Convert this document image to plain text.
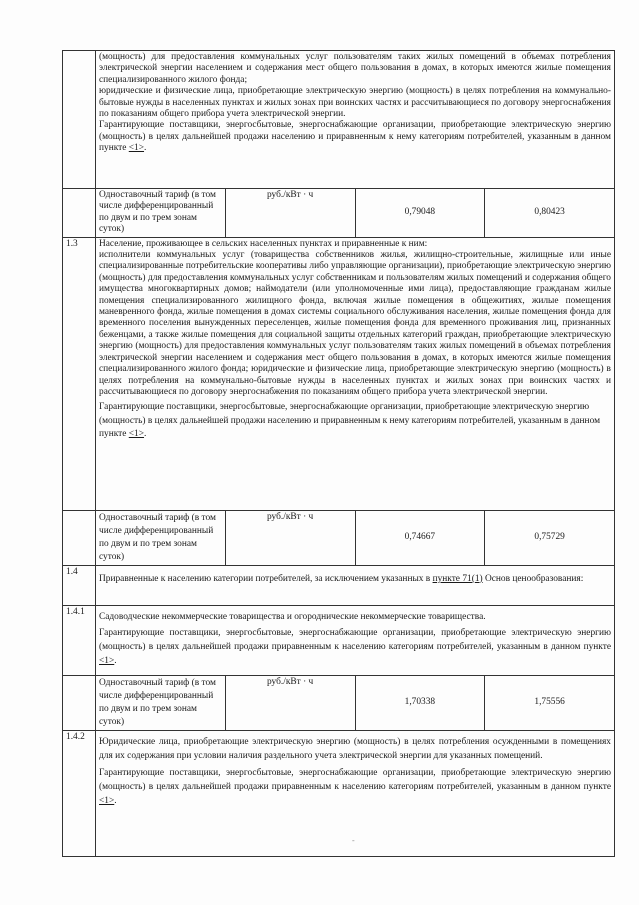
	(мощность) для предоставления коммунальных услуг пользователям таких жилых помещений в объемах потребления электрической энергии населением и содержания мест общего пользования в домах, в которых имеются жилые помещения специализированного жилого фонда;

юридические и физические лица, приобретающие электрическую энергию (мощность) в целях потребления на коммунально-бытовые нужды в населенных пунктах и жилых зонах при воинских частях и рассчитывающиеся по договору энергоснабжения по показаниям общего прибора учета электрической энергии.

Гарантирующие поставщики, энергосбытовые, энергоснабжающие организации, приобретающие электрическую энергию (мощность) в целях дальнейшей продажи населению и приравненным к нему категориям потребителей, указанным в данном пункте <1>.			

	Одноставочный тариф (в том числе дифференцированный по двум и по трем зонам суток)	руб./кВт · ч	0,79048	0,80423
1.3	Население, проживающее в сельских населенных пунктах и приравненные к ним:

исполнители коммунальных услуг (товарищества собственников жилья, жилищно-строительные, жилищные или иные специализированные потребительские кооперативы либо управляющие организации), приобретающие электрическую энергию (мощность) для предоставления коммунальных услуг собственникам и пользователям жилых помещений и содержания общего имущества многоквартирных домов; наймодатели (или уполномоченные ими лица), предоставляющие гражданам жилые помещения специализированного жилищного фонда, включая жилые помещения в общежитиях, жилые помещения маневренного фонда, жилые помещения в домах системы социального обслуживания населения, жилые помещения фонда для временного поселения вынужденных переселенцев, жилые помещения фонда для временного проживания лиц, признанных беженцами, а также жилые помещения для социальной защиты отдельных категорий граждан, приобретающие электрическую энергию (мощность) для предоставления коммунальных услуг пользователям таких жилых помещений в объемах потребления электрической энергии населением и содержания мест общего пользования в домах, в которых имеются жилые помещения специализированного жилого фонда; юридические и физические лица, приобретающие электрическую энергию (мощность) в целях потребления на коммунально-бытовые нужды в населенных пунктах и жилых зонах при воинских частях и рассчитывающиеся по договору энергоснабжения по показаниям общего прибора учета электрической энергии.

Гарантирующие поставщики, энергосбытовые, энергоснабжающие организации, приобретающие электрическую энергию (мощность) в целях дальнейшей продажи населению и приравненным к нему категориям потребителей, указанным в данном пункте <1>.			

	Одноставочный тариф (в том числе дифференцированный по двум и по трем зонам суток)	руб./кВт · ч	0,74667	0,75729
1.4	Приравненные к населению категории потребителей, за исключением указанных в пункте 71(1) Основ ценообразования:			
1.4.1	Садоводческие некоммерческие товарищества и огороднические некоммерческие товарищества.

Гарантирующие поставщики, энергосбытовые, энергоснабжающие организации, приобретающие электрическую энергию (мощность) в целях дальнейшей продажи приравненным к населению категориям потребителей, указанным в данном пункте <1>.			

	Одноставочный тариф (в том числе дифференцированный по двум и по трем зонам суток)	руб./кВт · ч	1,70338	1,75556
1.4.2	Юридические лица, приобретающие электрическую энергию (мощность) в целях потребления осужденными в помещениях для их содержания при условии наличия раздельного учета электрической энергии для указанных помещений.

Гарантирующие поставщики, энергосбытовые, энергоснабжающие организации, приобретающие электрическую энергию (мощность) в целях дальнейшей продажи приравненным к населению категориям потребителей, указанным в данном пункте <1>.			

-
